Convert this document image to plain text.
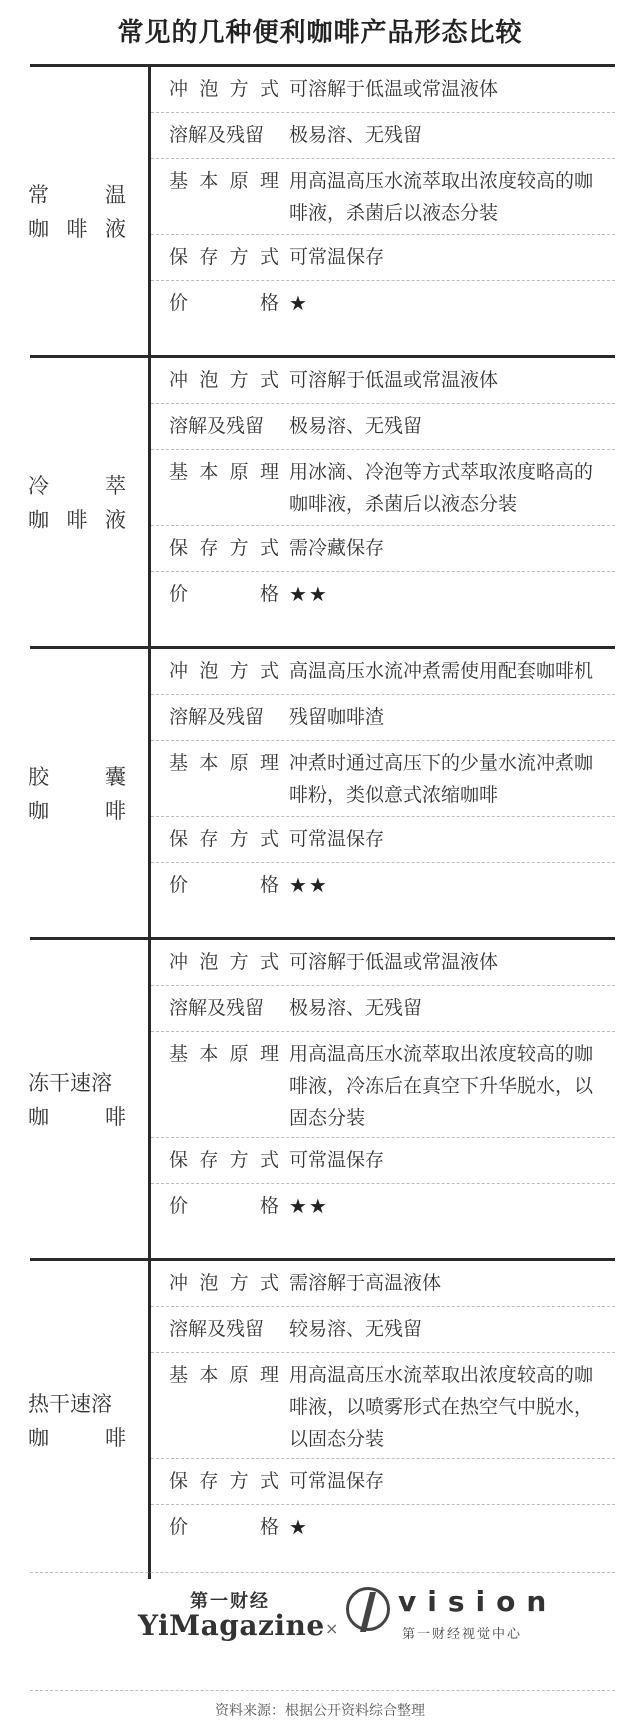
常见的几种便利咖啡产品形态比较
常	温
咖 啡 液
冲 泡 方 式 可溶解于低温或常温液体
溶解及残留 极易溶、无残留
基 本 原 理 用高温高压水流萃取出浓度较高的咖啡液，杀菌后以液态分装
保 存 方 式 可常温保存
价	格 ★
冷	萃
咖 啡 液
冲 泡 方 式 可溶解于低温或常温液体
溶解及残留 极易溶、无残留
基 本 原 理 用冰滴、冷泡等方式萃取浓度略高的咖啡液，杀菌后以液态分装
保 存 方 式 需冷藏保存
价	格 ★★
胶	囊
咖	啡
冲 泡 方 式 高温高压水流冲煮需使用配套咖啡机
溶解及残留 残留咖啡渣
基 本 原 理 冲煮时通过高压下的少量水流冲煮咖啡粉，类似意式浓缩咖啡
保 存 方 式 可常温保存
价	格 ★★
冻干速溶
咖	啡
冲 泡 方 式 可溶解于低温或常温液体
溶解及残留 极易溶、无残留
基 本 原 理 用高温高压水流萃取出浓度较高的咖啡液，冷冻后在真空下升华脱水，以固态分装
保 存 方 式 可常温保存
价	格 ★★
热干速溶
咖	啡
冲 泡 方 式 需溶解于高温液体
溶解及残留 较易溶、无残留
基 本 原 理 用高温高压水流萃取出浓度较高的咖啡液，以喷雾形式在热空气中脱水，以固态分装
保 存 方 式 可常温保存
价	格 ★
第一财经
YiMagazine ×
vision
第一财经视觉中心
资料来源：根据公开资料综合整理
